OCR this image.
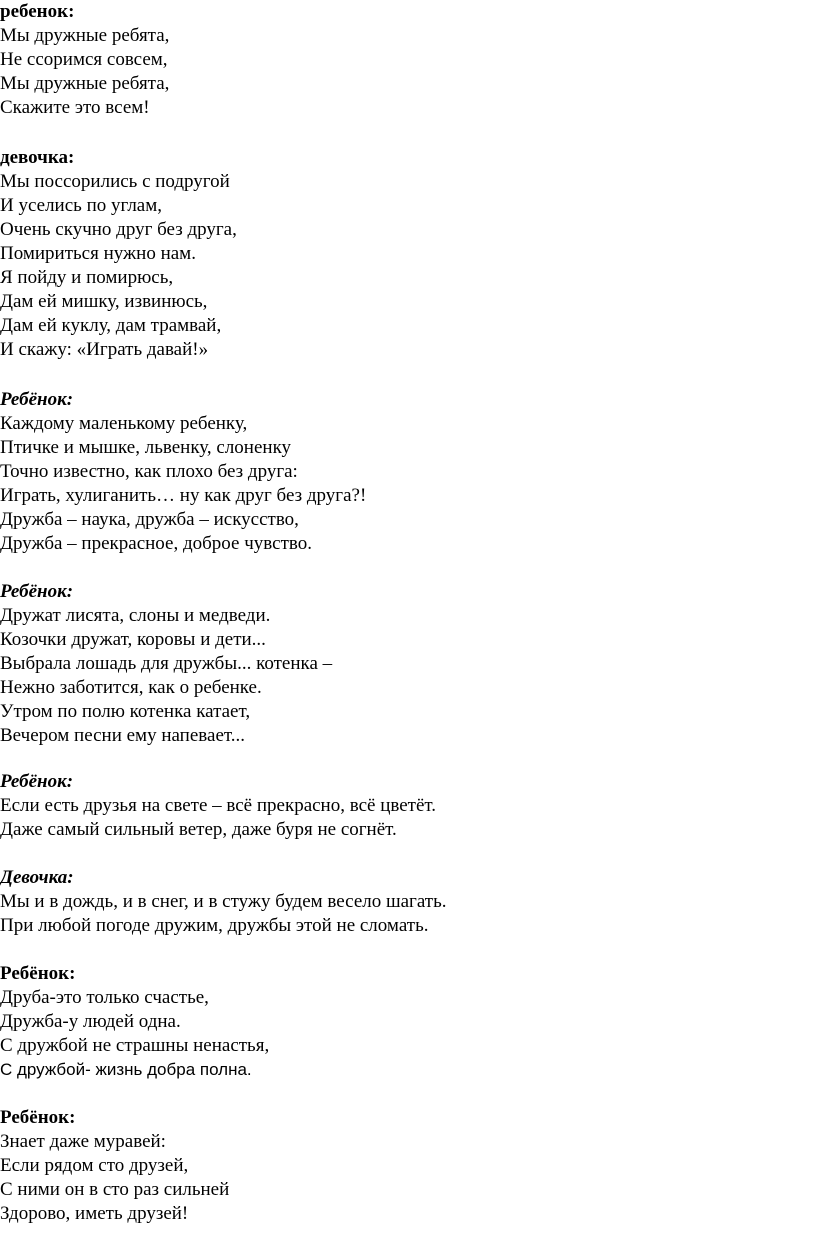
ребенок:
Мы дружные ребята,
Не ссоримся совсем,
Мы дружные ребята,
Скажите это всем!
девочка:
Мы поссорились с подругой
И уселись по углам,
Очень скучно друг без друга,
Помириться нужно нам.
Я пойду и помирюсь,
Дам ей мишку, извинюсь,
Дам ей куклу, дам трамвай,
И скажу: «Играть давай!»
Ребёнок:
Каждому маленькому ребенку,
Птичке и мышке, львенку, слоненку
Точно известно, как плохо без друга:
Играть, хулиганить… ну как друг без друга?!
Дружба – наука, дружба – искусство,
Дружба – прекрасное, доброе чувство.
Ребёнок:
Дружат лисята, слоны и медведи.
Козочки дружат, коровы и дети...
Выбрала лошадь для дружбы... котенка –
Нежно заботится, как о ребенке.
Утром по полю котенка катает,
Вечером песни ему напевает...
Ребёнок:
Если есть друзья на свете – всё прекрасно, всё цветёт.
Даже самый сильный ветер, даже буря не согнёт.
Девочка:
Мы и в дождь, и в снег, и в стужу будем весело шагать.
При любой погоде дружим, дружбы этой не сломать.
Ребёнок:
Друба-это только счастье,
Дружба-у людей одна.
С дружбой не страшны ненастья,
С дружбой- жизнь добра полна.
Ребёнок:
Знает даже муравей:
Если рядом сто друзей,
С ними он в сто раз сильней
Здорово, иметь друзей!
